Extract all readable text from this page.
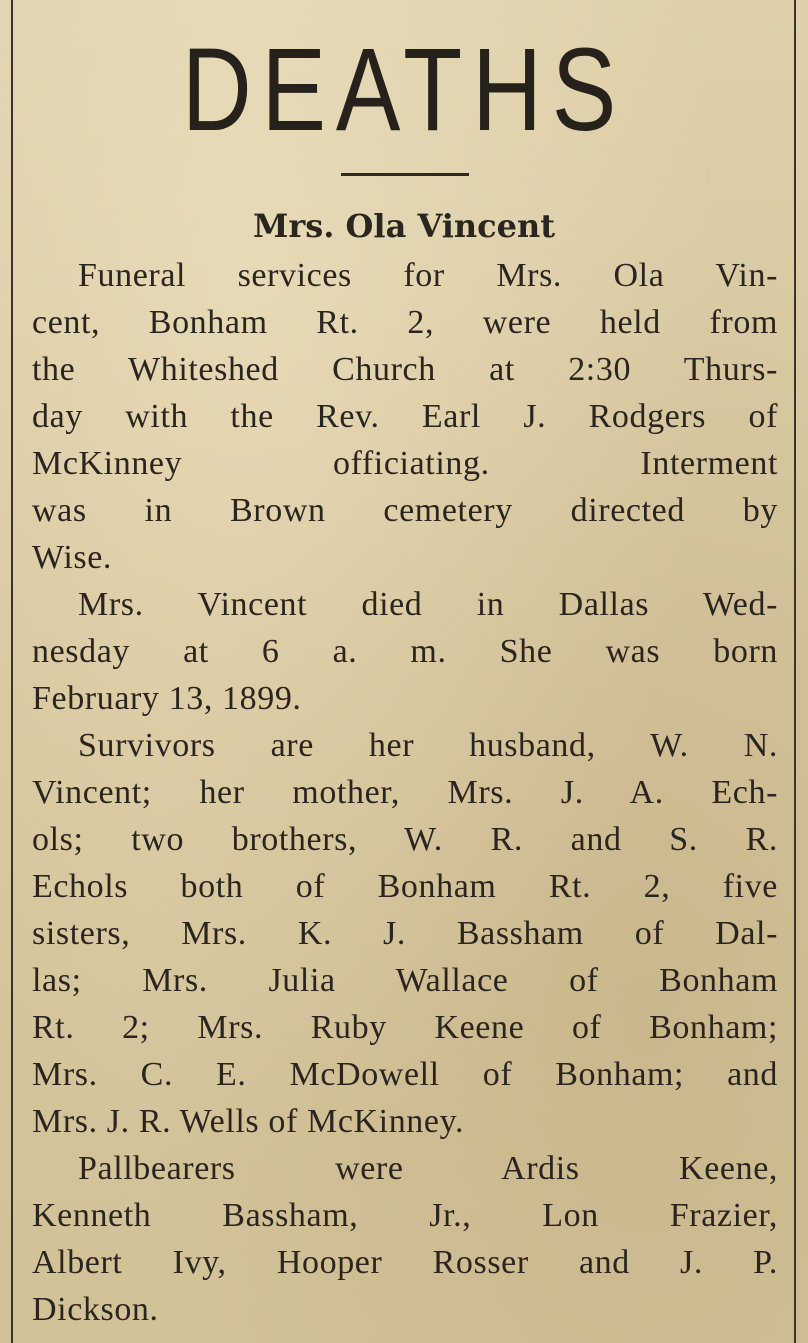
DEATHS
Mrs. Ola Vincent
Funeral services for Mrs. Ola Vin-
cent, Bonham Rt. 2, were held from
the Whiteshed Church at 2:30 Thurs-
day with the Rev. Earl J. Rodgers of
McKinney officiating. Interment
was in Brown cemetery directed by
Wise.
Mrs. Vincent died in Dallas Wed-
nesday at 6 a. m. She was born
February 13, 1899.
Survivors are her husband, W. N.
Vincent; her mother, Mrs. J. A. Ech-
ols; two brothers, W. R. and S. R.
Echols both of Bonham Rt. 2, five
sisters, Mrs. K. J. Bassham of Dal-
las; Mrs. Julia Wallace of Bonham
Rt. 2; Mrs. Ruby Keene of Bonham;
Mrs. C. E. McDowell of Bonham; and
Mrs. J. R. Wells of McKinney.
Pallbearers were Ardis Keene,
Kenneth Bassham, Jr., Lon Frazier,
Albert Ivy, Hooper Rosser and J. P.
Dickson.
